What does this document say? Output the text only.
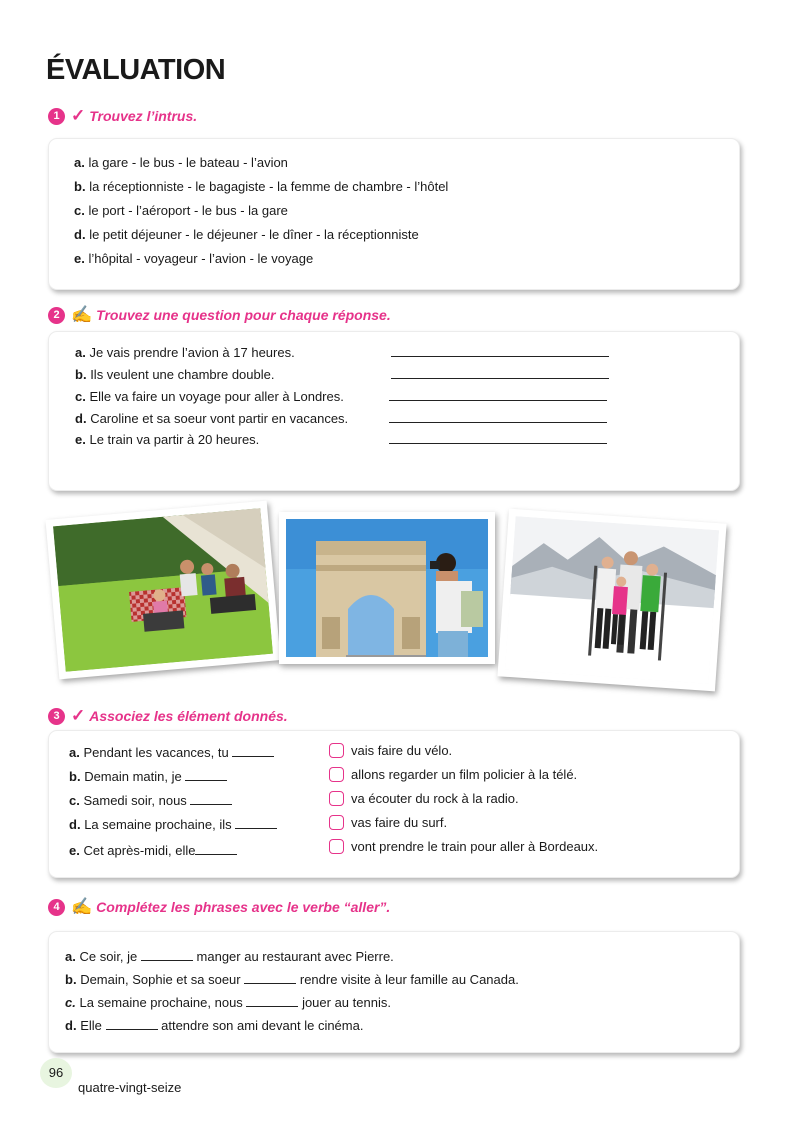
ÉVALUATION
1 ✓ Trouvez l’intrus.
a. la gare - le bus - le bateau - l’avion
b. la réceptionniste - le bagagiste - la femme de chambre - l’hôtel
c. le port - l’aéroport - le bus - la gare
d. le petit déjeuner - le déjeuner - le dîner - la réceptionniste
e. l’hôpital - voyageur - l’avion - le voyage
2 ✍ Trouvez une question pour chaque réponse.
a. Je vais prendre l’avion à 17 heures.
b. Ils veulent une chambre double.
c. Elle va faire un voyage pour aller à Londres.
d. Caroline et sa soeur vont partir en vacances.
e. Le train va partir à 20 heures.
3 ✓ Associez les élément donnés.
a. Pendant les vacances, tu
b. Demain matin, je
c. Samedi soir, nous
d. La semaine prochaine, ils
e. Cet après-midi, elle
vais faire du vélo.
allons regarder un film policier à la télé.
va écouter du rock à la radio.
vas faire du surf.
vont prendre le train pour aller à Bordeaux.
4 ✍ Complétez les phrases avec le verbe “aller”.
a. Ce soir, je	manger au restaurant avec Pierre.
b. Demain, Sophie et sa soeur	rendre visite à leur famille au Canada.
c. La semaine prochaine, nous	jouer au tennis.
d. Elle	attendre son ami devant le cinéma.
96
quatre-vingt-seize
